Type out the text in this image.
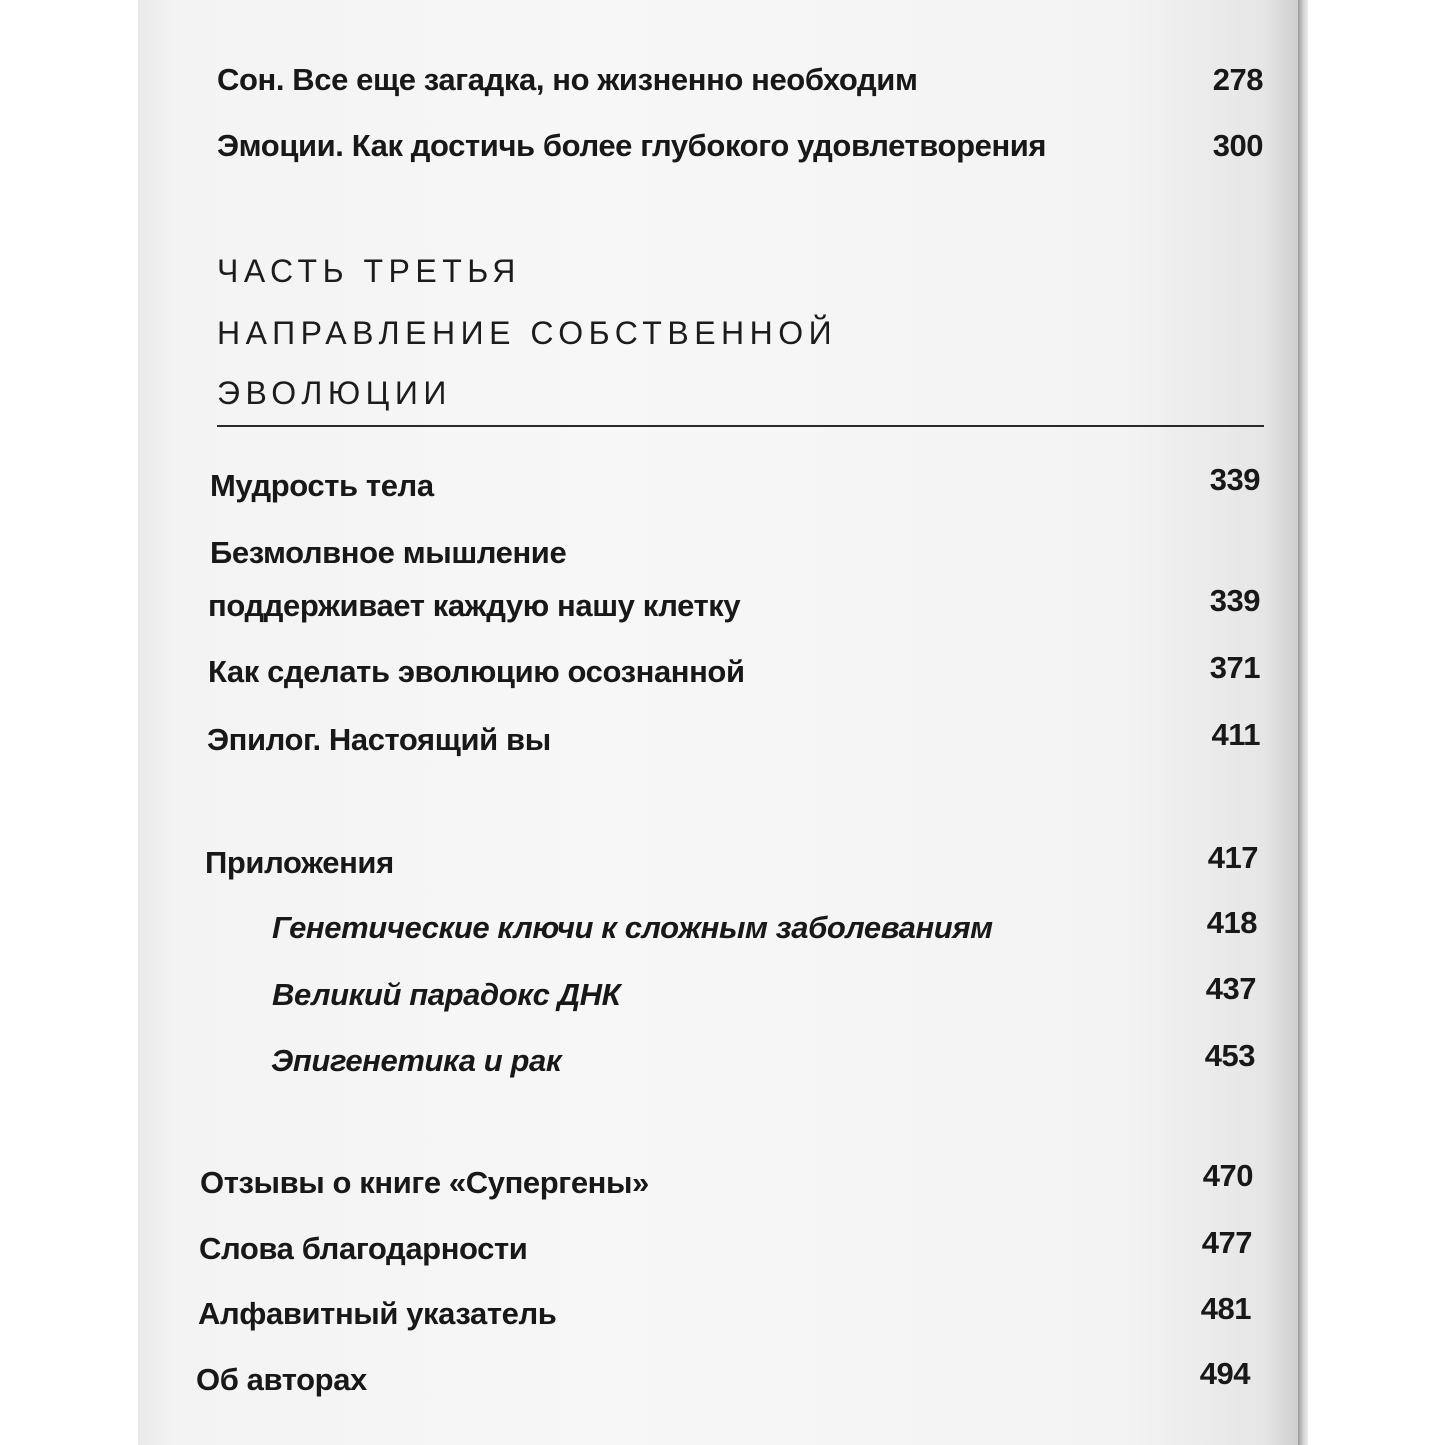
Сон. Все еще загадка, но жизненно необходим	278
Эмоции. Как достичь более глубокого удовлетворения	300
ЧАСТЬ ТРЕТЬЯ
НАПРАВЛЕНИЕ СОБСТВЕННОЙ
ЭВОЛЮЦИИ
Мудрость тела	339
Безмолвное мышление
поддерживает каждую нашу клетку	339
Как сделать эволюцию осознанной	371
Эпилог. Настоящий вы	411
Приложения	417
Генетические ключи к сложным заболеваниям	418
Великий парадокс ДНК	437
Эпигенетика и рак	453
Отзывы о книге «Супергены»	470
Слова благодарности	477
Алфавитный указатель	481
Об авторах	494
